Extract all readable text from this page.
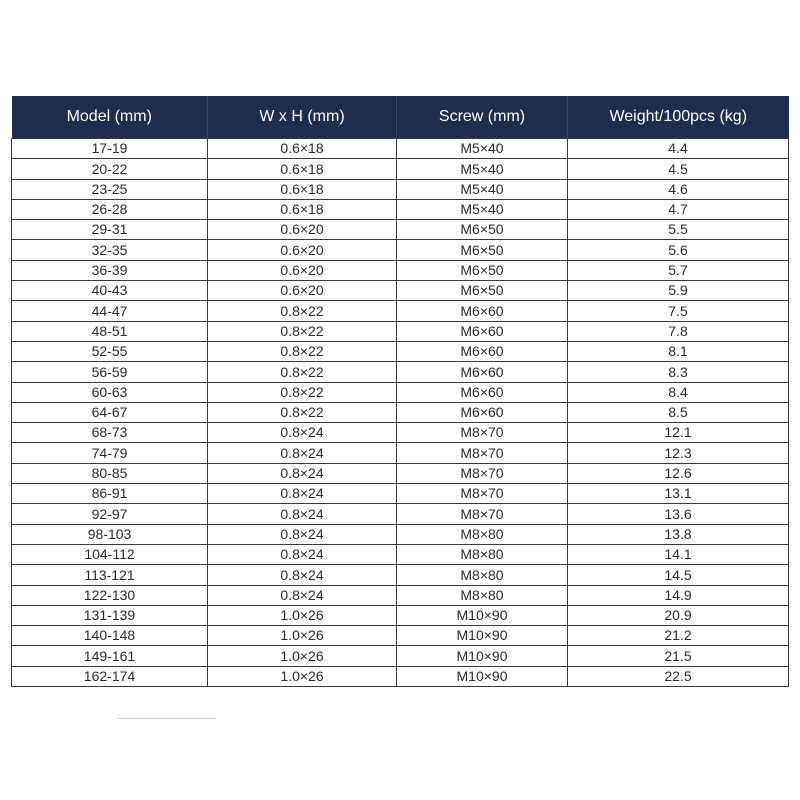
Model (mm)	W x H (mm)	Screw (mm)	Weight/100pcs (kg)
17-19	0.6×18	M5×40	4.4
20-22	0.6×18	M5×40	4.5
23-25	0.6×18	M5×40	4.6
26-28	0.6×18	M5×40	4.7
29-31	0.6×20	M6×50	5.5
32-35	0.6×20	M6×50	5.6
36-39	0.6×20	M6×50	5.7
40-43	0.6×20	M6×50	5.9
44-47	0.8×22	M6×60	7.5
48-51	0.8×22	M6×60	7.8
52-55	0.8×22	M6×60	8.1
56-59	0.8×22	M6×60	8.3
60-63	0.8×22	M6×60	8.4
64-67	0.8×22	M6×60	8.5
68-73	0.8×24	M8×70	12.1
74-79	0.8×24	M8×70	12.3
80-85	0.8×24	M8×70	12.6
86-91	0.8×24	M8×70	13.1
92-97	0.8×24	M8×70	13.6
98-103	0.8×24	M8×80	13.8
104-112	0.8×24	M8×80	14.1
113-121	0.8×24	M8×80	14.5
122-130	0.8×24	M8×80	14.9
131-139	1.0×26	M10×90	20.9
140-148	1.0×26	M10×90	21.2
149-161	1.0×26	M10×90	21.5
162-174	1.0×26	M10×90	22.5
